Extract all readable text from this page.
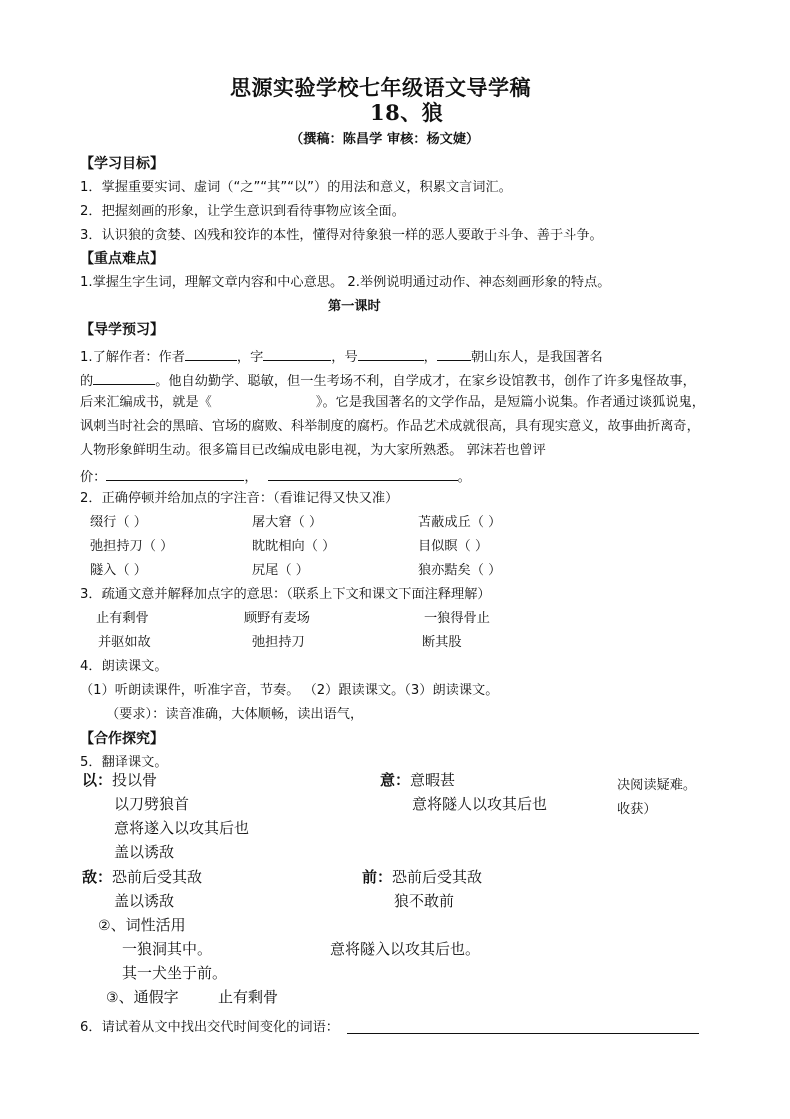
思源实验学校七年级语文导学稿
18、狼
（撰稿：陈昌学 审核：杨文婕）
【学习目标】
1．掌握重要实词、虚词（“之”“其”“以”）的用法和意义，积累文言词汇。
2．把握刻画的形象，让学生意识到看待事物应该全面。
3．认识狼的贪婪、凶残和狡诈的本性，懂得对待象狼一样的恶人要敢于斗争、善于斗争。
【重点难点】
1.掌握生字生词，理解文章内容和中心意思。 2.举例说明通过动作、神态刻画形象的特点。
第一课时
【导学预习】
1.了解作者：作者	，字	，号	，	朝山东人，是我国著名
的	。他自幼勤学、聪敏，但一生考场不利，自学成才，在家乡设馆教书，创作了许多鬼怪故事，
后来汇编成书，就是《	》。它是我国著名的文学作品，是短篇小说集。作者通过谈狐说鬼，
讽刺当时社会的黑暗、官场的腐败、科举制度的腐朽。作品艺术成就很高，具有现实意义，故事曲折离奇，
人物形象鲜明生动。很多篇目已改编成电影电视，为大家所熟悉。 郭沫若也曾评
价：	，	。
2．正确停顿并给加点的字注音：（看谁记得又快又准）
缀行（ ）	屠大窘（ ）	苫蔽成丘（ ）
弛担持刀（ ）	眈眈相向（ ）	目似瞑（ ）
隧入（ ）	尻尾（ ）	狼亦黠矣（ ）
3．疏通文意并解释加点字的意思：（联系上下文和课文下面注释理解）
止有剩骨	顾野有麦场	一狼得骨止
并驱如故	弛担持刀	断其股
4．朗读课文。
（1）听朗读课件，听准字音，节奏。 （2）跟读课文。（3）朗读课文。
（要求）：读音准确，大体顺畅，读出语气，
【合作探究】
5．翻译课文。
以：投以骨
以刀劈狼首
意将遂入以攻其后也
盖以诱敌
意：意暇甚
意将隧人以攻其后也
决阅读疑难。
收获）
敌：恐前后受其敌
盖以诱敌
前：恐前后受其敌
狼不敢前
②、词性活用
一狼洞其中。	意将隧入以攻其后也。
其一犬坐于前。
③、通假字	止有剩骨
6．请试着从文中找出交代时间变化的词语：
